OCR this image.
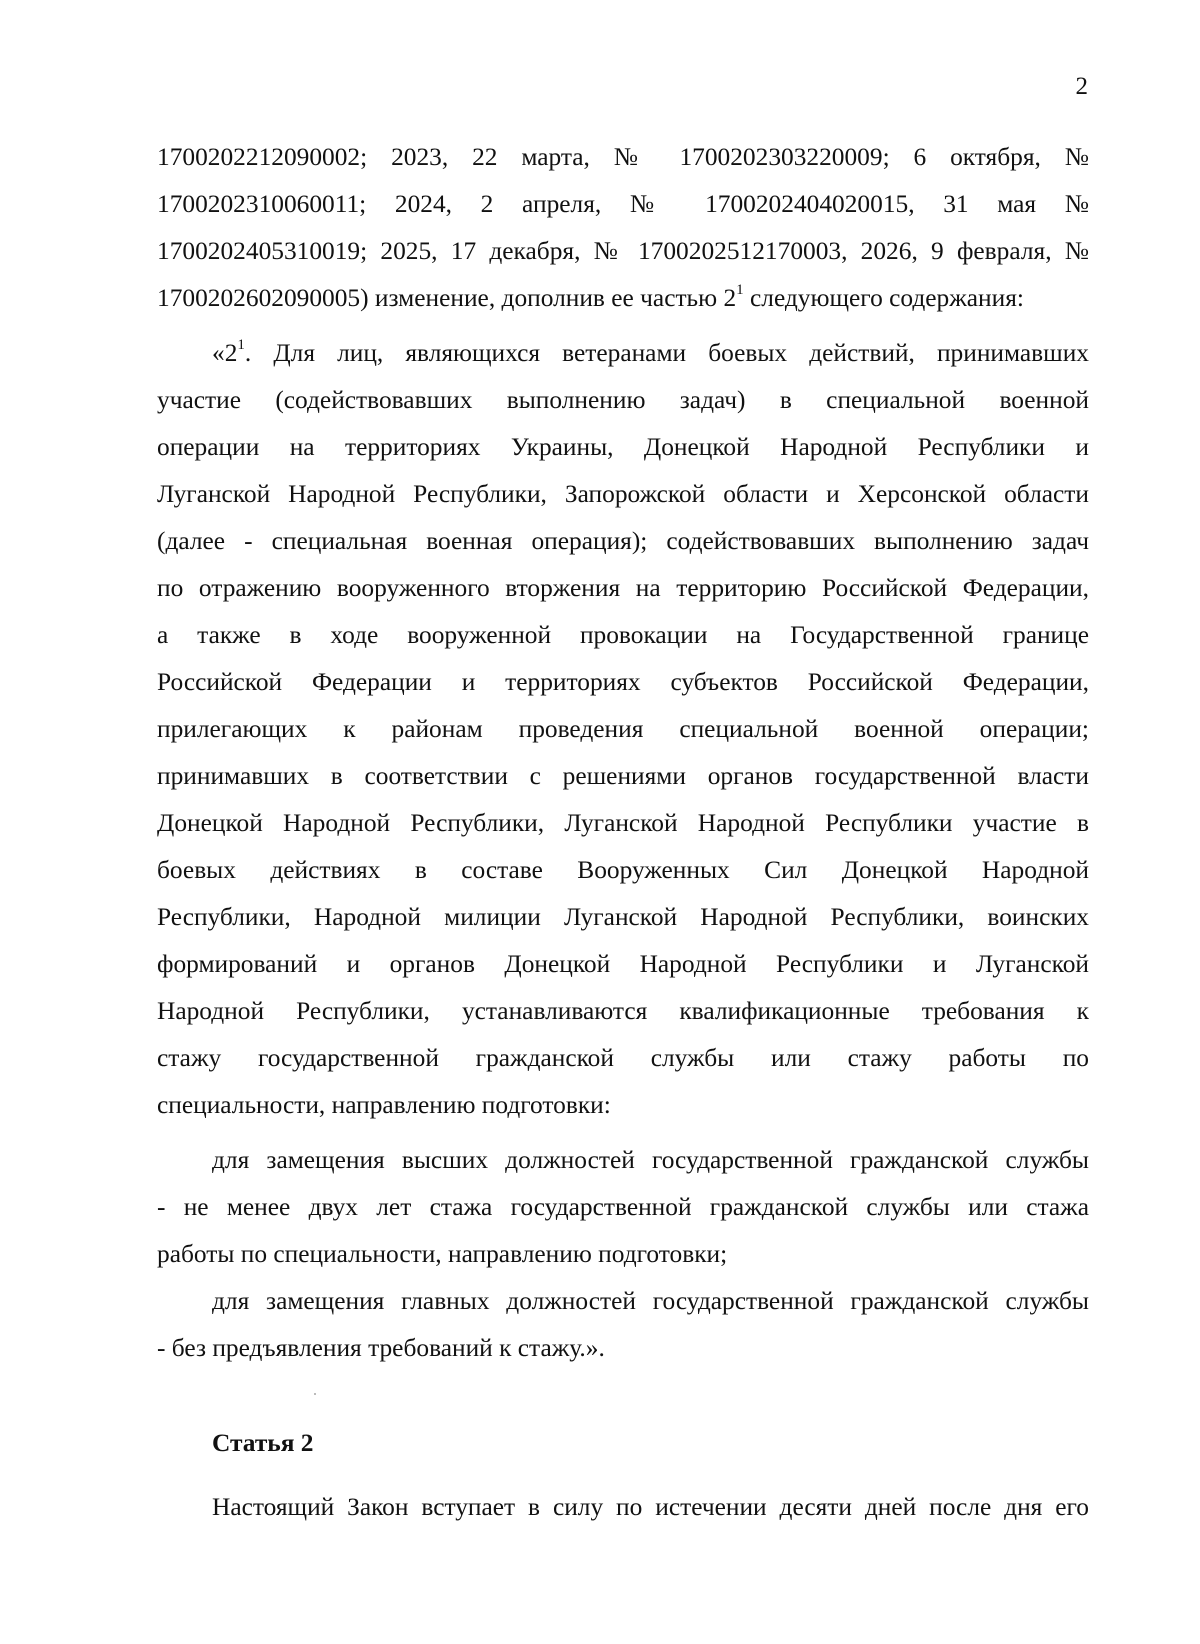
2
1700202212090002; 2023, 22 марта, № 1700202303220009; 6 октября, №
1700202310060011; 2024, 2 апреля, № 1700202404020015, 31 мая №
1700202405310019; 2025, 17 декабря, № 1700202512170003, 2026, 9 февраля, №
1700202602090005) изменение, дополнив ее частью $2^1$ следующего содержания:
«$2^1$. Для лиц, являющихся ветеранами боевых действий, принимавших
участие (содействовавших выполнению задач) в специальной военной
операции на территориях Украины, Донецкой Народной Республики и
Луганской Народной Республики, Запорожской области и Херсонской области
(далее - специальная военная операция); содействовавших выполнению задач
по отражению вооруженного вторжения на территорию Российской Федерации,
а также в ходе вооруженной провокации на Государственной границе
Российской Федерации и территориях субъектов Российской Федерации,
прилегающих к районам проведения специальной военной операции;
принимавших в соответствии с решениями органов государственной власти
Донецкой Народной Республики, Луганской Народной Республики участие в
боевых действиях в составе Вооруженных Сил Донецкой Народной
Республики, Народной милиции Луганской Народной Республики, воинских
формирований и органов Донецкой Народной Республики и Луганской
Народной Республики, устанавливаются квалификационные требования к
стажу государственной гражданской службы или стажу работы по
специальности, направлению подготовки:
для замещения высших должностей государственной гражданской службы
- не менее двух лет стажа государственной гражданской службы или стажа
работы по специальности, направлению подготовки;
для замещения главных должностей государственной гражданской службы
- без предъявления требований к стажу.».
Статья 2
Настоящий Закон вступает в силу по истечении десяти дней после дня его
